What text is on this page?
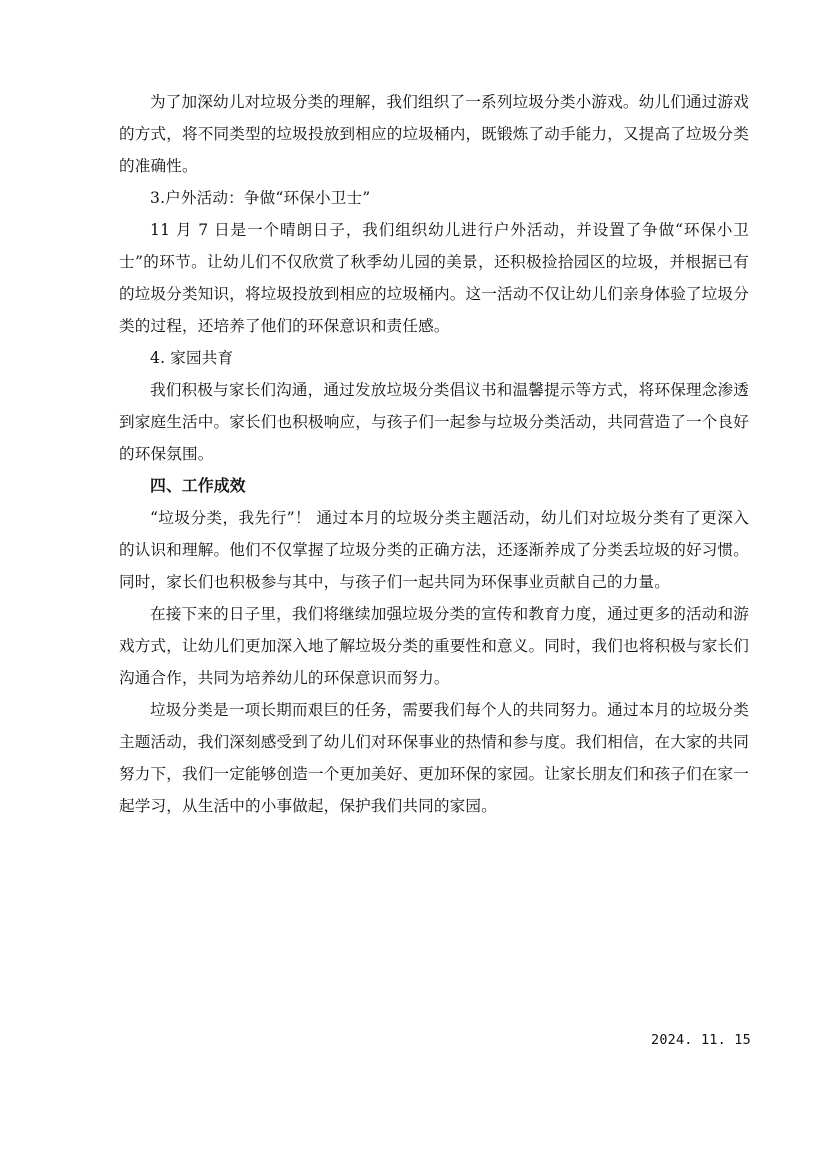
为了加深幼儿对垃圾分类的理解，我们组织了一系列垃圾分类小游戏。幼儿们通过游戏的方式，将不同类型的垃圾投放到相应的垃圾桶内，既锻炼了动手能力，又提高了垃圾分类的准确性。

3.户外活动：争做“环保小卫士”

11 月 7 日是一个晴朗日子，我们组织幼儿进行户外活动，并设置了争做“环保小卫士”的环节。让幼儿们不仅欣赏了秋季幼儿园的美景，还积极捡拾园区的垃圾，并根据已有的垃圾分类知识，将垃圾投放到相应的垃圾桶内。这一活动不仅让幼儿们亲身体验了垃圾分类的过程，还培养了他们的环保意识和责任感。

4. 家园共育

我们积极与家长们沟通，通过发放垃圾分类倡议书和温馨提示等方式，将环保理念渗透到家庭生活中。家长们也积极响应，与孩子们一起参与垃圾分类活动，共同营造了一个良好的环保氛围。

四、工作成效

“垃圾分类，我先行”！ 通过本月的垃圾分类主题活动，幼儿们对垃圾分类有了更深入的认识和理解。他们不仅掌握了垃圾分类的正确方法，还逐渐养成了分类丢垃圾的好习惯。同时，家长们也积极参与其中，与孩子们一起共同为环保事业贡献自己的力量。

在接下来的日子里，我们将继续加强垃圾分类的宣传和教育力度，通过更多的活动和游戏方式，让幼儿们更加深入地了解垃圾分类的重要性和意义。同时，我们也将积极与家长们沟通合作，共同为培养幼儿的环保意识而努力。

垃圾分类是一项长期而艰巨的任务，需要我们每个人的共同努力。通过本月的垃圾分类主题活动，我们深刻感受到了幼儿们对环保事业的热情和参与度。我们相信，在大家的共同努力下，我们一定能够创造一个更加美好、更加环保的家园。让家长朋友们和孩子们在家一起学习，从生活中的小事做起，保护我们共同的家园。

2024. 11. 15
